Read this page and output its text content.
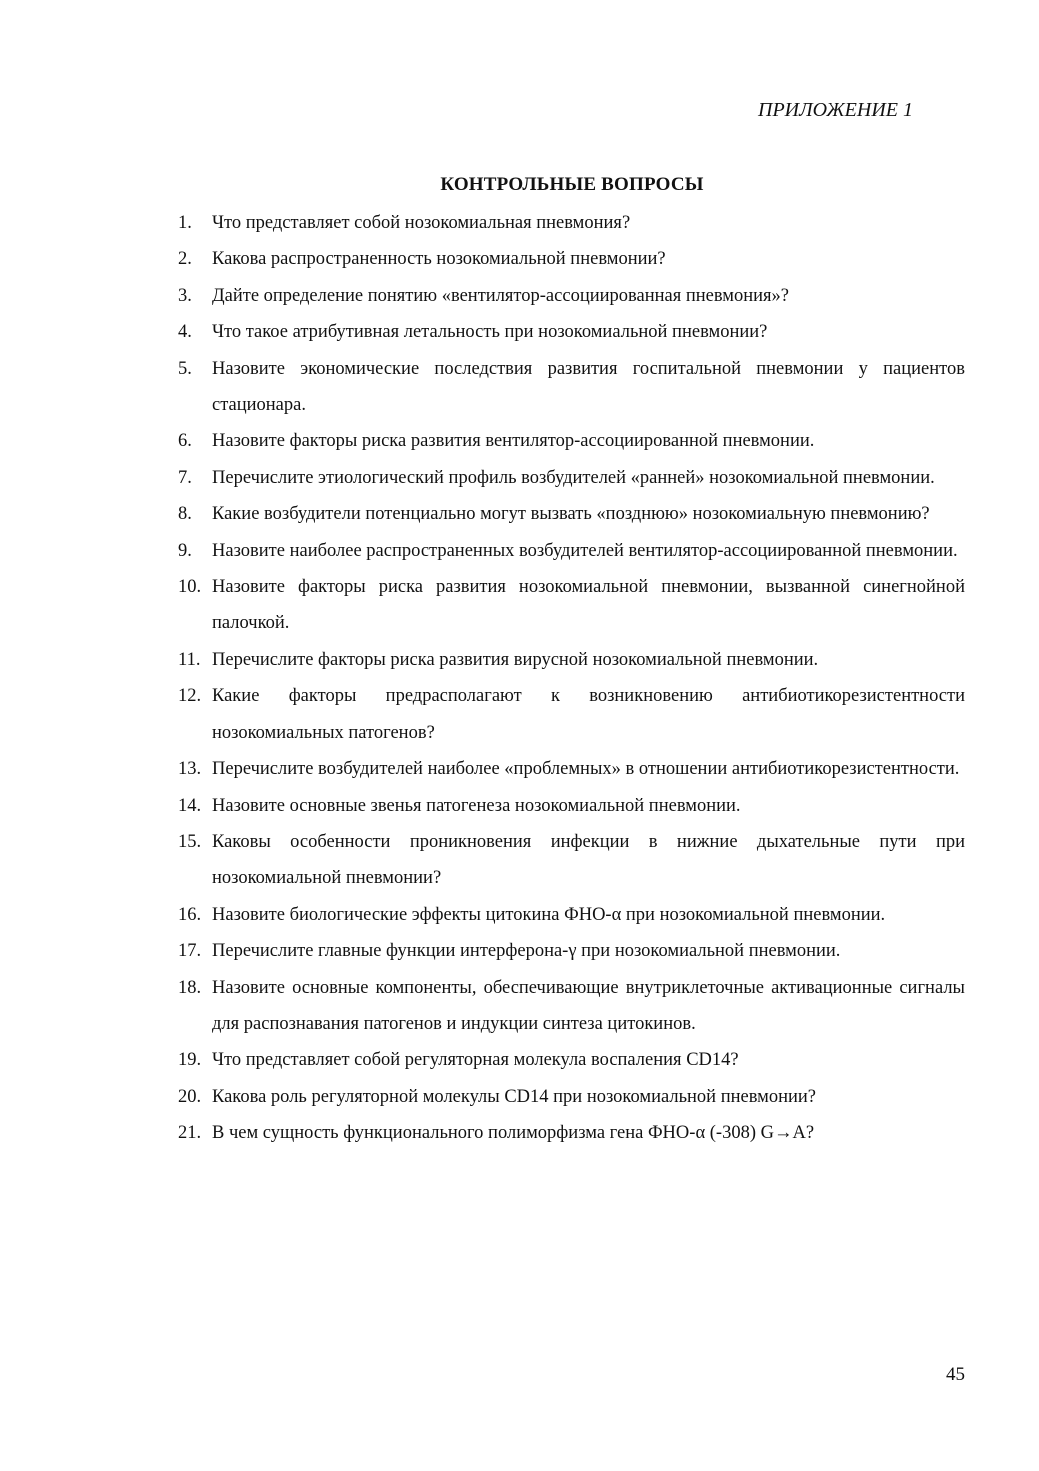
ПРИЛОЖЕНИЕ 1
КОНТРОЛЬНЫЕ ВОПРОСЫ
1.	Что представляет собой нозокомиальная пневмония?
2.	Какова распространенность нозокомиальной пневмонии?
3.	Дайте определение понятию «вентилятор-ассоциированная пневмония»?
4.	Что такое атрибутивная летальность при нозокомиальной пневмонии?
5.	Назовите экономические последствия развития госпитальной пневмонии у пациентов стационара.
6.	Назовите факторы риска развития вентилятор-ассоциированной пневмонии.
7.	Перечислите этиологический профиль возбудителей «ранней» нозокомиальной пневмонии.
8.	Какие возбудители потенциально могут вызвать «позднюю» нозокомиальную пневмонию?
9.	Назовите наиболее распространенных возбудителей вентилятор-ассоциированной пневмонии.
10. Назовите факторы риска развития нозокомиальной пневмонии, вызванной синегнойной палочкой.
11. Перечислите факторы риска развития вирусной нозокомиальной пневмонии.
12. Какие факторы предрасполагают к возникновению антибиотикорезистентности нозокомиальных патогенов?
13. Перечислите возбудителей наиболее «проблемных» в отношении антибиотикорезистентности.
14. Назовите основные звенья патогенеза нозокомиальной пневмонии.
15. Каковы особенности проникновения инфекции в нижние дыхательные пути при нозокомиальной пневмонии?
16. Назовите биологические эффекты цитокина ФНО-α при нозокомиальной пневмонии.
17. Перечислите главные функции интерферона-γ при нозокомиальной пневмонии.
18. Назовите основные компоненты, обеспечивающие внутриклеточные активационные сигналы для распознавания патогенов и индукции синтеза цитокинов.
19. Что представляет собой регуляторная молекула воспаления CD14?
20. Какова роль регуляторной молекулы CD14 при нозокомиальной пневмонии?
21. В чем сущность функционального полиморфизма гена ФНО-α (-308) G→A?
45
